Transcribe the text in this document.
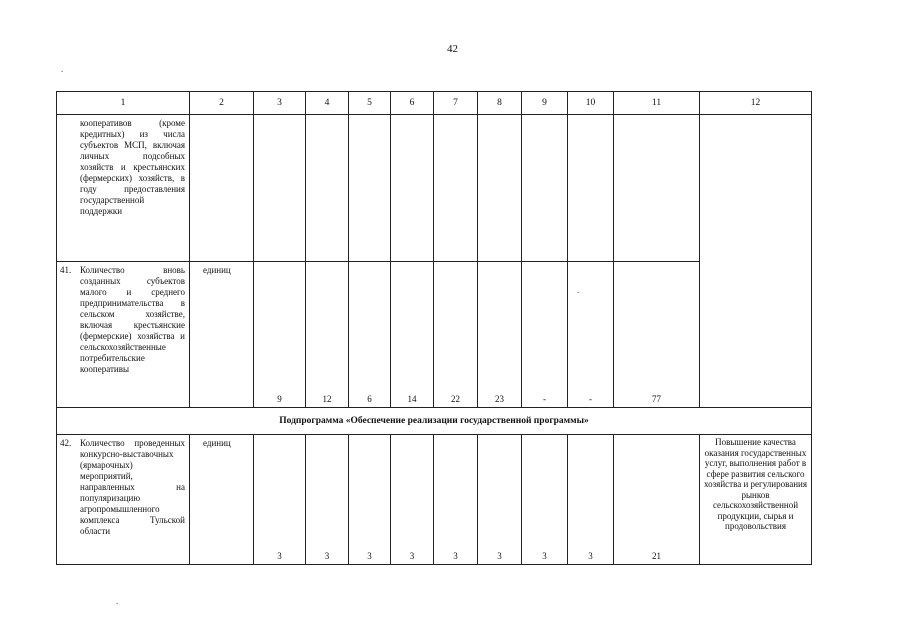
42
.
.
.
1	2	3	4	5	6	7	8	9	10	11	12

кооперативов (кроме кредитных) из числа субъектов МСП, включая личных подсобных хозяйств и крестьянских (фермерских) хозяйств, в году предоставления государственной поддержки											

41. Количество вновь созданных субъектов малого и среднего предпринимательства в сельском хозяйстве, включая крестьянские (фермерские) хозяйства и сельскохозяйственные потребительские кооперативы	единиц	9	12	6	14	22	23	-	-	77	

Подпрограмма «Обеспечение реализации государственной программы»											

42. Количество проведенных конкурсно-выставочных (ярмарочных) мероприятий, направленных на популяризацию агропромышленного комплекса Тульской области	единиц	3	3	3	3	3	3	3	3	21	Повышение качества оказания государственных услуг, выполнения работ в сфере развития сельского хозяйства и регулирования рынков сельскохозяйственной продукции, сырья и продовольствия
